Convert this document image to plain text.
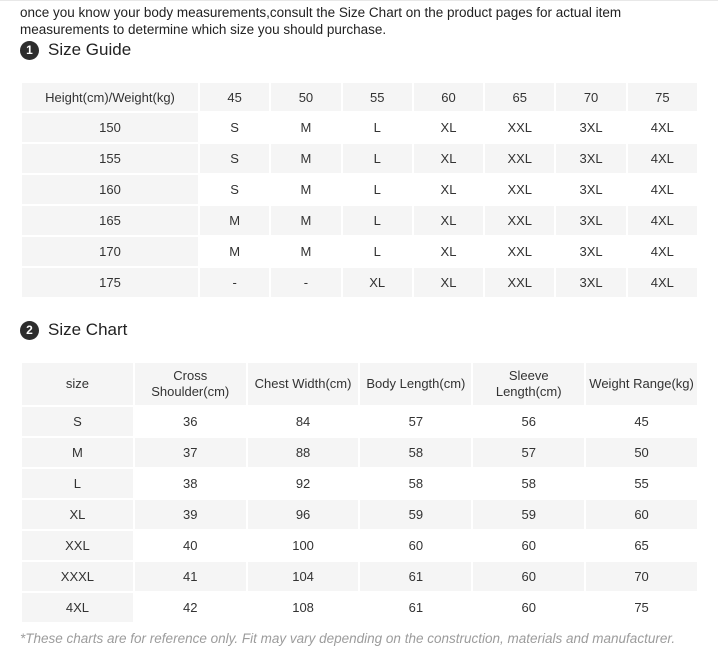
once you know your body measurements,consult the Size Chart on the product pages for actual item
measurements to determine which size you should purchase.

1 Size Guide
Height(cm)/Weight(kg)	45	50	55	60	65	70	75
150	S	M	L	XL	XXL	3XL	4XL
155	S	M	L	XL	XXL	3XL	4XL
160	S	M	L	XL	XXL	3XL	4XL
165	M	M	L	XL	XXL	3XL	4XL
170	M	M	L	XL	XXL	3XL	4XL
175	-	-	XL	XL	XXL	3XL	4XL
2 Size Chart
size	Cross Shoulder(cm)	Chest Width(cm)	Body Length(cm)	Sleeve Length(cm)	Weight Range(kg)
S	36	84	57	56	45
M	37	88	58	57	50
L	38	92	58	58	55
XL	39	96	59	59	60
XXL	40	100	60	60	65
XXXL	41	104	61	60	70
4XL	42	108	61	60	75

*These charts are for reference only. Fit may vary depending on the construction, materials and manufacturer.
